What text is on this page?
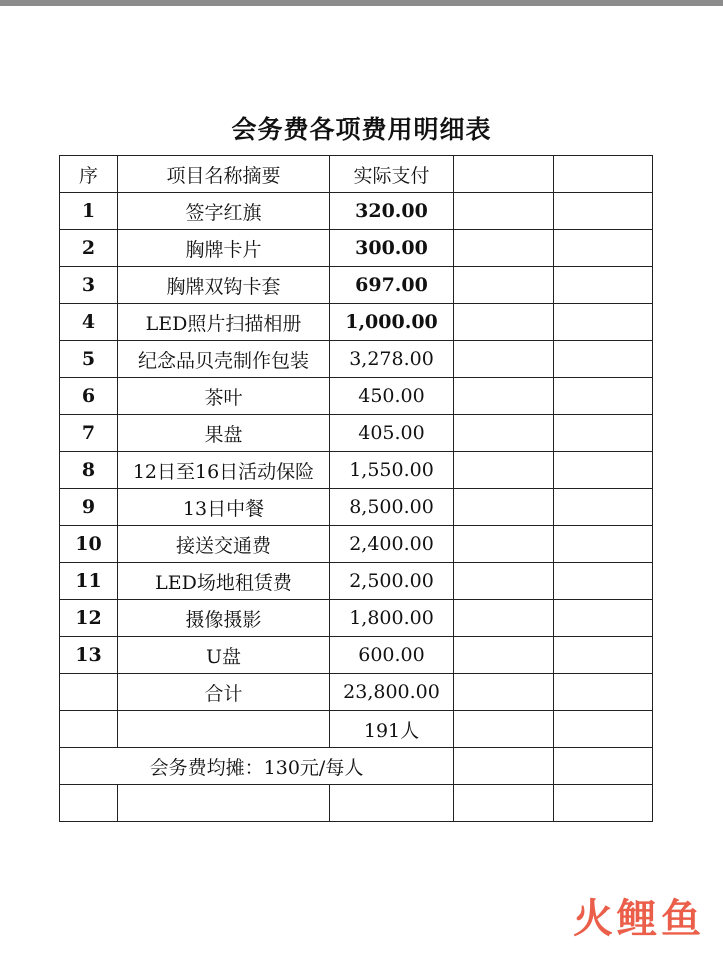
会务费各项费用明细表
序	项目名称摘要	实际支付		
1	签字红旗	320.00		
2	胸牌卡片	300.00		
3	胸牌双钩卡套	697.00		
4	LED照片扫描相册	1,000.00		
5	纪念品贝壳制作包装	3,278.00		
6	茶叶	450.00		
7	果盘	405.00		
8	12日至16日活动保险	1,550.00		
9	13日中餐	8,500.00		
10	接送交通费	2,400.00		
11	LED场地租赁费	2,500.00		
12	摄像摄影	1,800.00		
13	U盘	600.00		
	合计	23,800.00		
		191人		
会务费均摊：130元/每人				

火鲤鱼
